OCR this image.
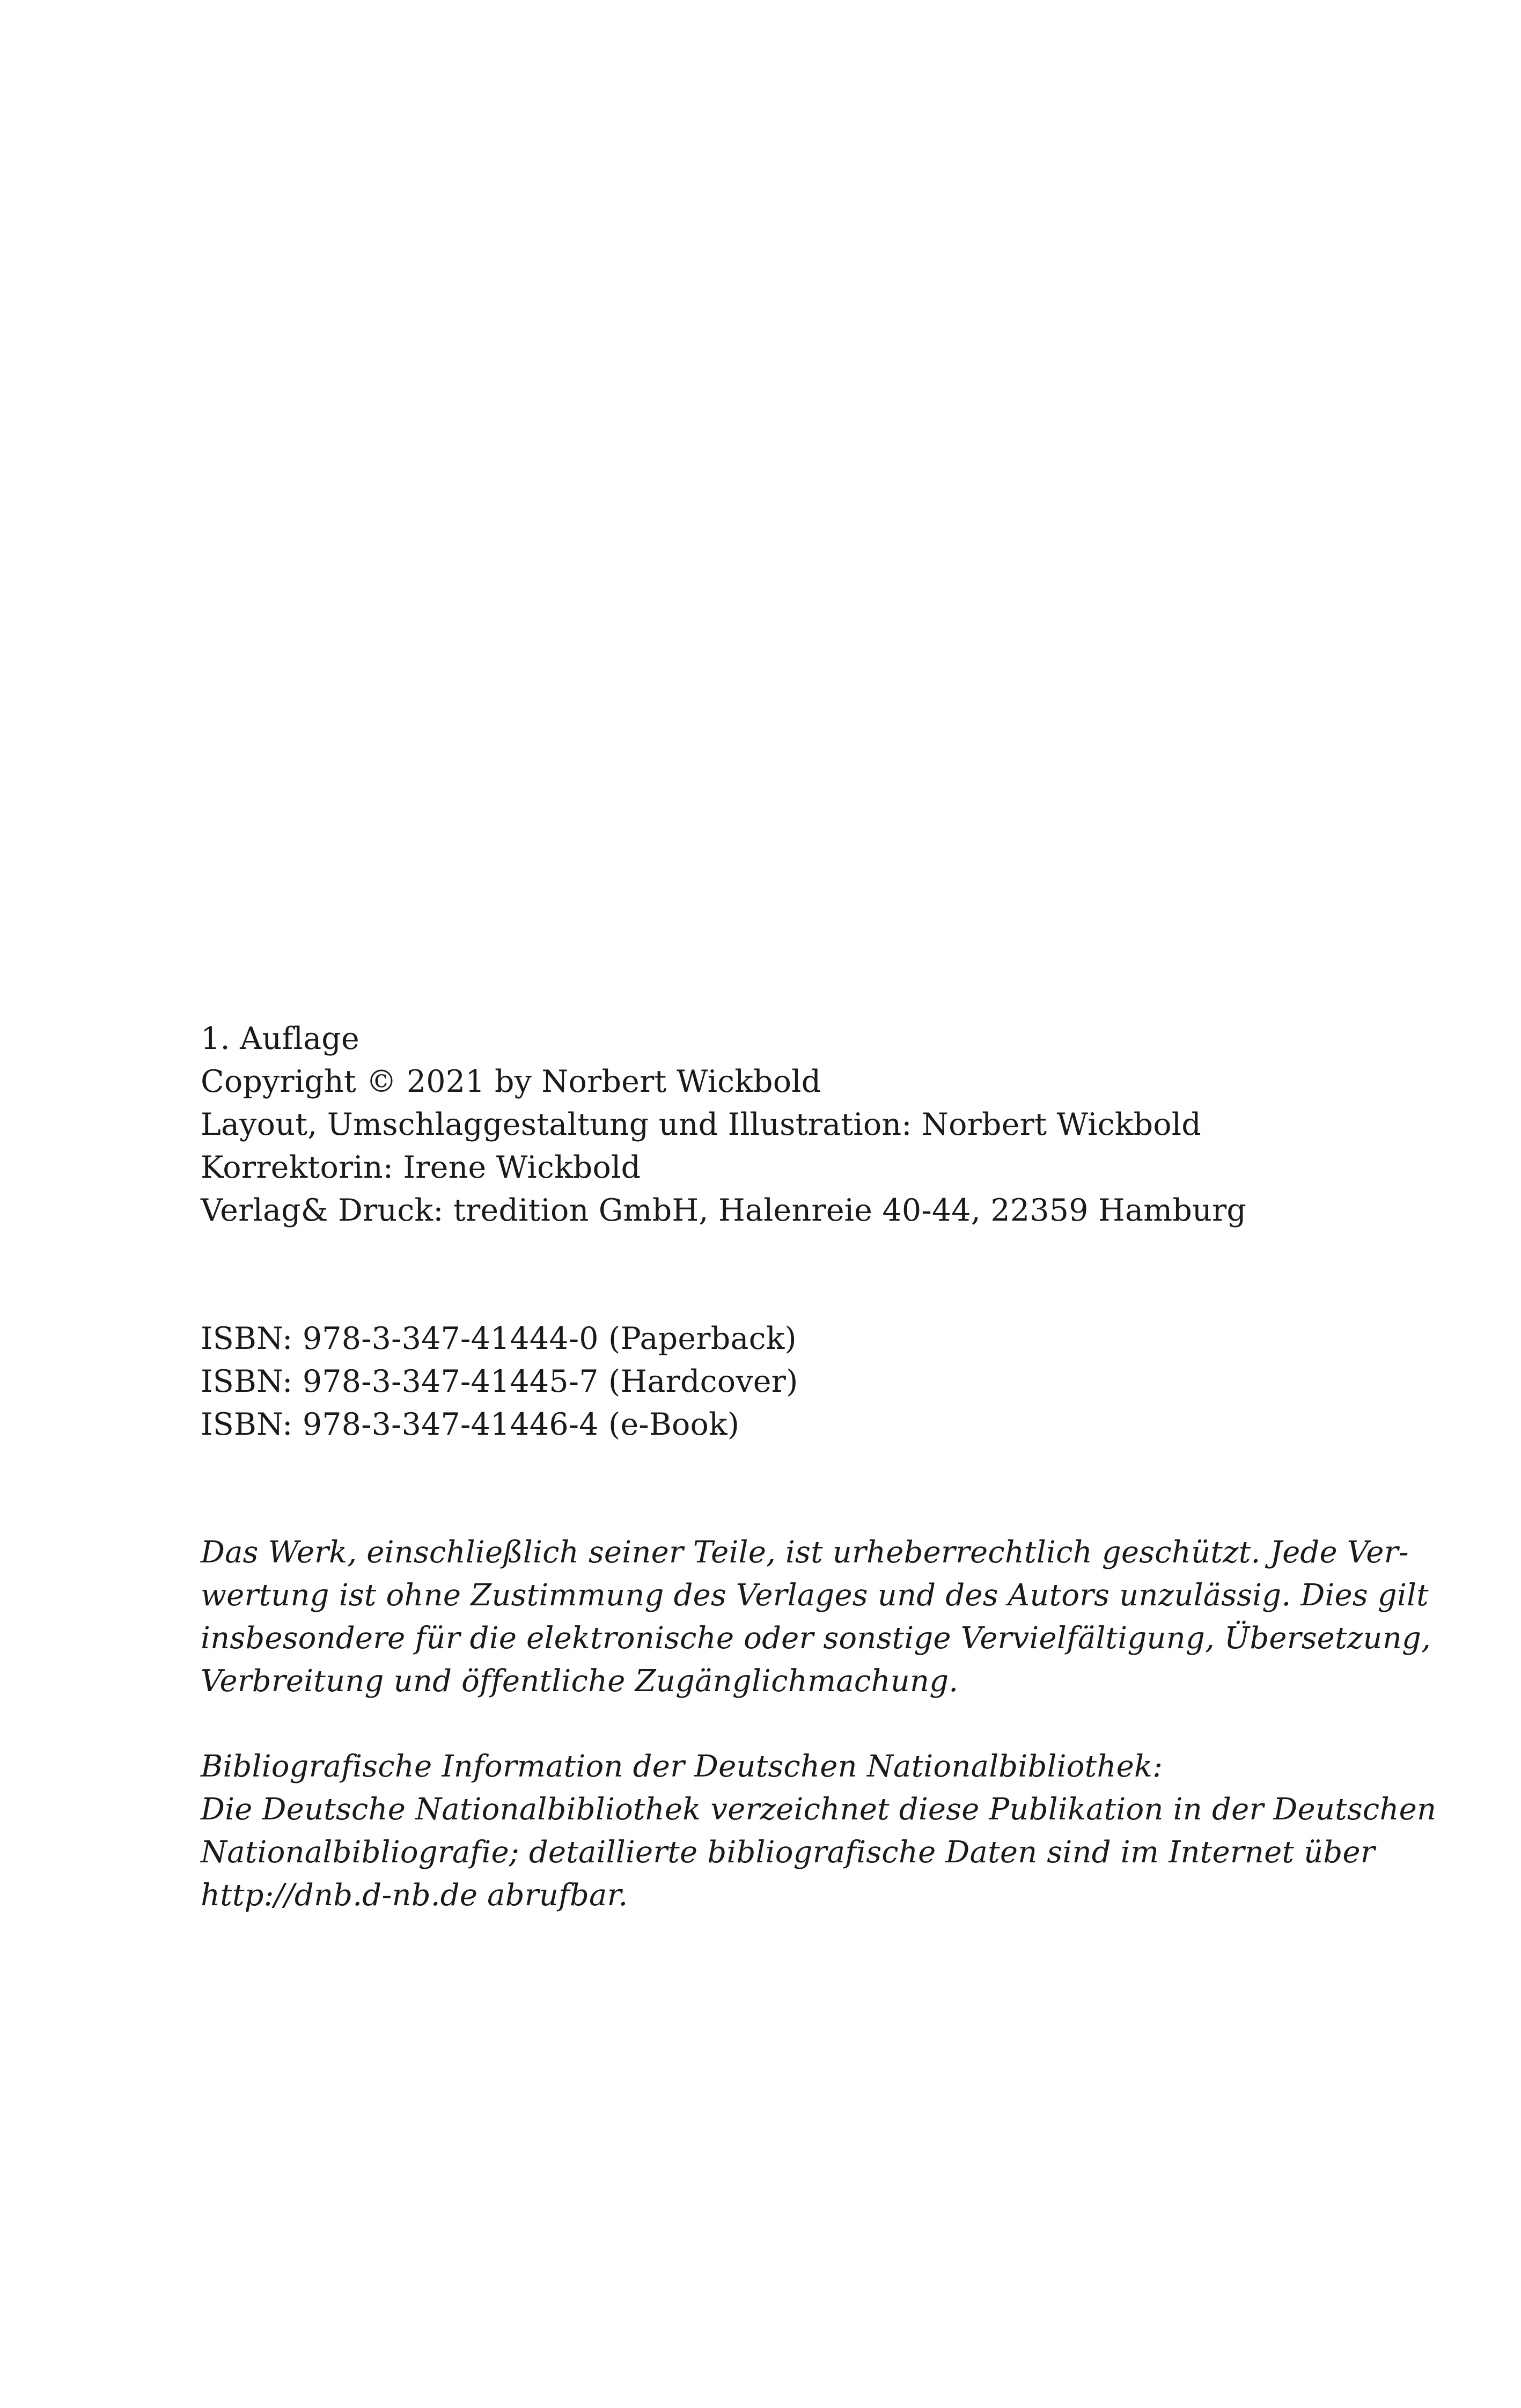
1. Auflage
Copyright © 2021 by Norbert Wickbold
Layout, Umschlaggestaltung und Illustration: Norbert Wickbold
Korrektorin: Irene Wickbold
Verlag& Druck: tredition GmbH, Halenreie 40-44, 22359 Hamburg
ISBN: 978-3-347-41444-0 (Paperback)
ISBN: 978-3-347-41445-7 (Hardcover)
ISBN: 978-3-347-41446-4 (e-Book)
Das Werk, einschließlich seiner Teile, ist urheberrechtlich geschützt. Jede Ver-
wertung ist ohne Zustimmung des Verlages und des Autors unzulässig. Dies gilt
insbesondere für die elektronische oder sonstige Vervielfältigung, Übersetzung,
Verbreitung und öffentliche Zugänglichmachung.
Bibliografische Information der Deutschen Nationalbibliothek:
Die Deutsche Nationalbibliothek verzeichnet diese Publikation in der Deutschen
Nationalbibliografie; detaillierte bibliografische Daten sind im Internet über
http://dnb.d-nb.de abrufbar.
